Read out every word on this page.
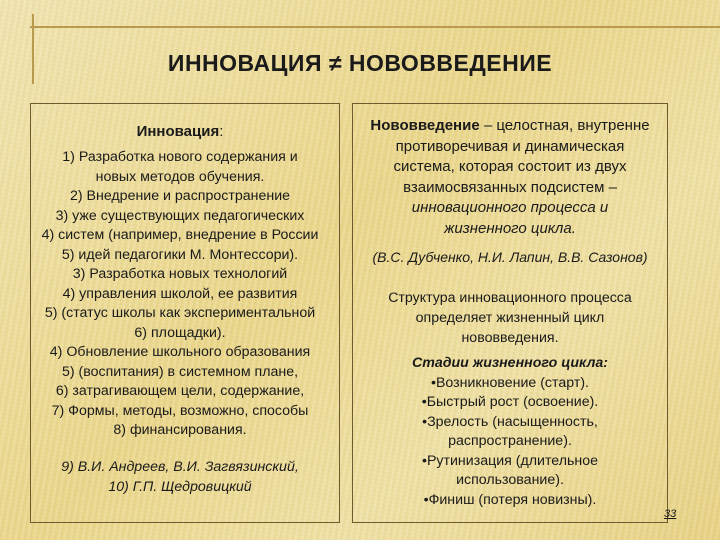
ИННОВАЦИЯ ≠ НОВОВВЕДЕНИЕ
Инновация:
1) Разработка нового содержания и
новых методов обучения.
2) Внедрение и распространение
3) уже существующих педагогических
4) систем (например, внедрение в России
5) идей педагогики М. Монтессори).
3) Разработка новых технологий
4) управления школой, ее развития
5) (статус школы как экспериментальной
6) площадки).
4) Обновление школьного образования
5) (воспитания) в системном плане,
6) затрагивающем цели, содержание,
7) Формы, методы, возможно, способы
8) финансирования.
9) В.И. Андреев, В.И. Загвязинский,
10) Г.П. Щедровицкий
Нововведение – целостная, внутренне
противоречивая и динамическая
система, которая состоит из двух
взаимосвязанных подсистем –
инновационного процесса и
жизненного цикла.
(В.С. Дубченко, Н.И. Лапин, В.В. Сазонов)
Структура инновационного процесса
определяет жизненный цикл
нововведения.
Стадии жизненного цикла:
•Возникновение (старт).
•Быстрый рост (освоение).
•Зрелость (насыщенность,
распространение).
•Рутинизация (длительное
использование).
•Финиш (потеря новизны).
33
